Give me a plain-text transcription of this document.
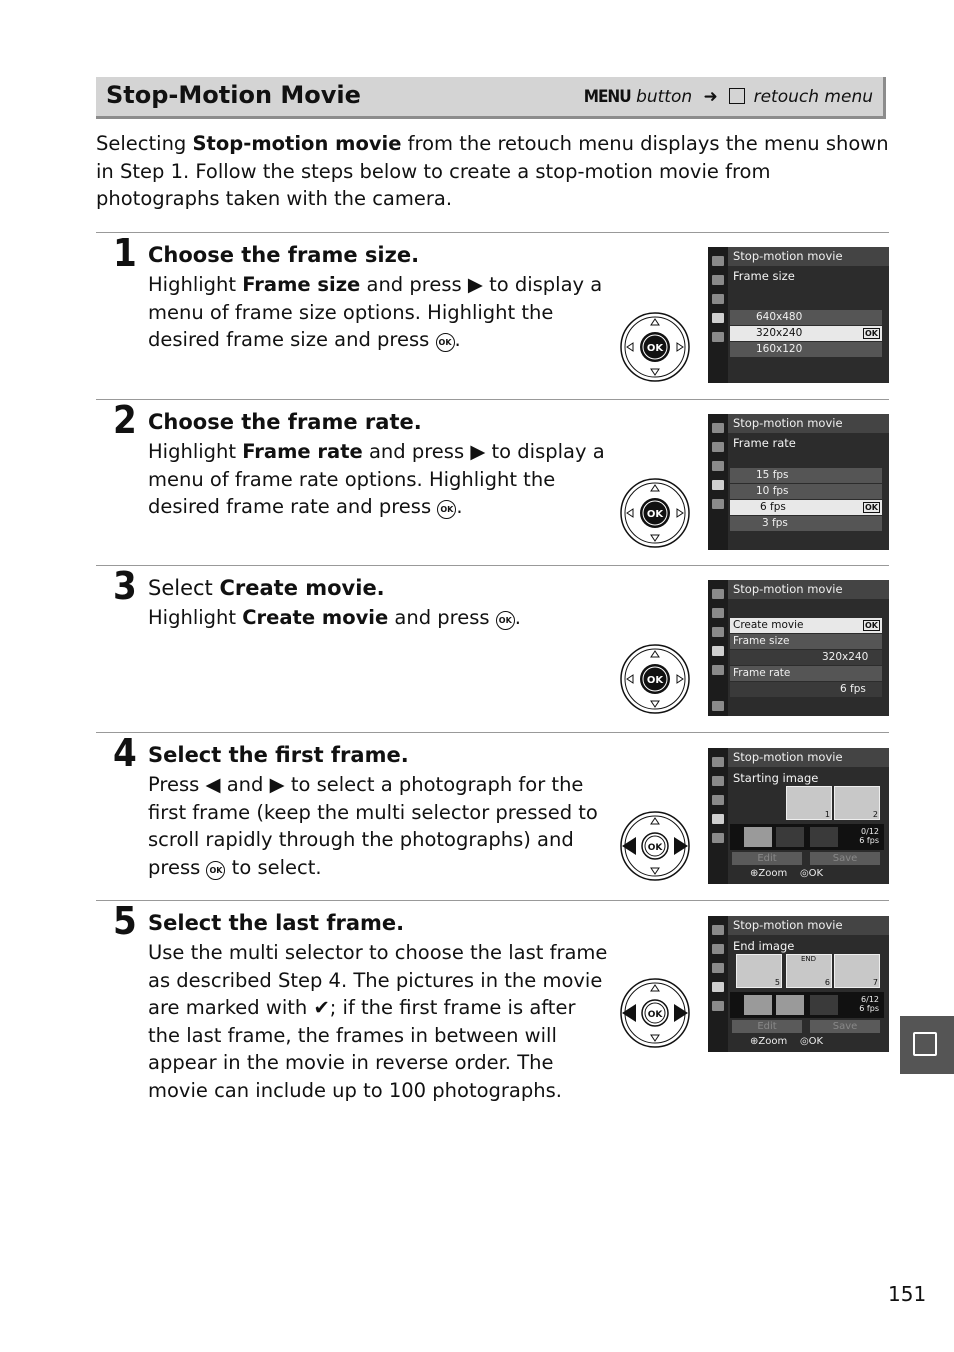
Stop-Motion Movie	MENU button ➜ retouch menu
Selecting Stop-motion movie from the retouch menu displays the menu shown in Step 1. Follow the steps below to create a stop-motion movie from photographs taken with the camera.
1 Choose the frame size.
Highlight Frame size and press ▶ to display a menu of frame size options. Highlight the desired frame size and press OK .	OK
Stop-motion movie
Frame size
640x480
320x240	OK
160x120
2 Choose the frame rate.
Highlight Frame rate and press ▶ to display a menu of frame rate options. Highlight the desired frame rate and press OK .	OK
Stop-motion movie
Frame rate
15 fps
10 fps
6 fps	OK
3 fps
3 Select Create movie.
Highlight Create movie and press OK .
OK
Stop-motion movie
Create movie	OK
Frame size
320x240
Frame rate
6 fps
4 Select the first frame.
Press ◀ and ▶ to select a photograph for the first frame (keep the multi selector pressed to scroll rapidly through the photographs) and press OK to select.
OK
Stop-motion movie
Starting image
1	2
0/12
6 fps
Edit	Save
⊕Zoom ◎OK
5 Select the last frame.
Use the multi selector to choose the last frame as described Step 4. The pictures in the movie are marked with ✔; if the first frame is after the last frame, the frames in between will appear in the movie in reverse order. The movie can include up to 100 photographs.
OK
Stop-motion movie
End image
5
END
6	7
6/12
6 fps
Edit	Save
⊕Zoom ◎OK
151
